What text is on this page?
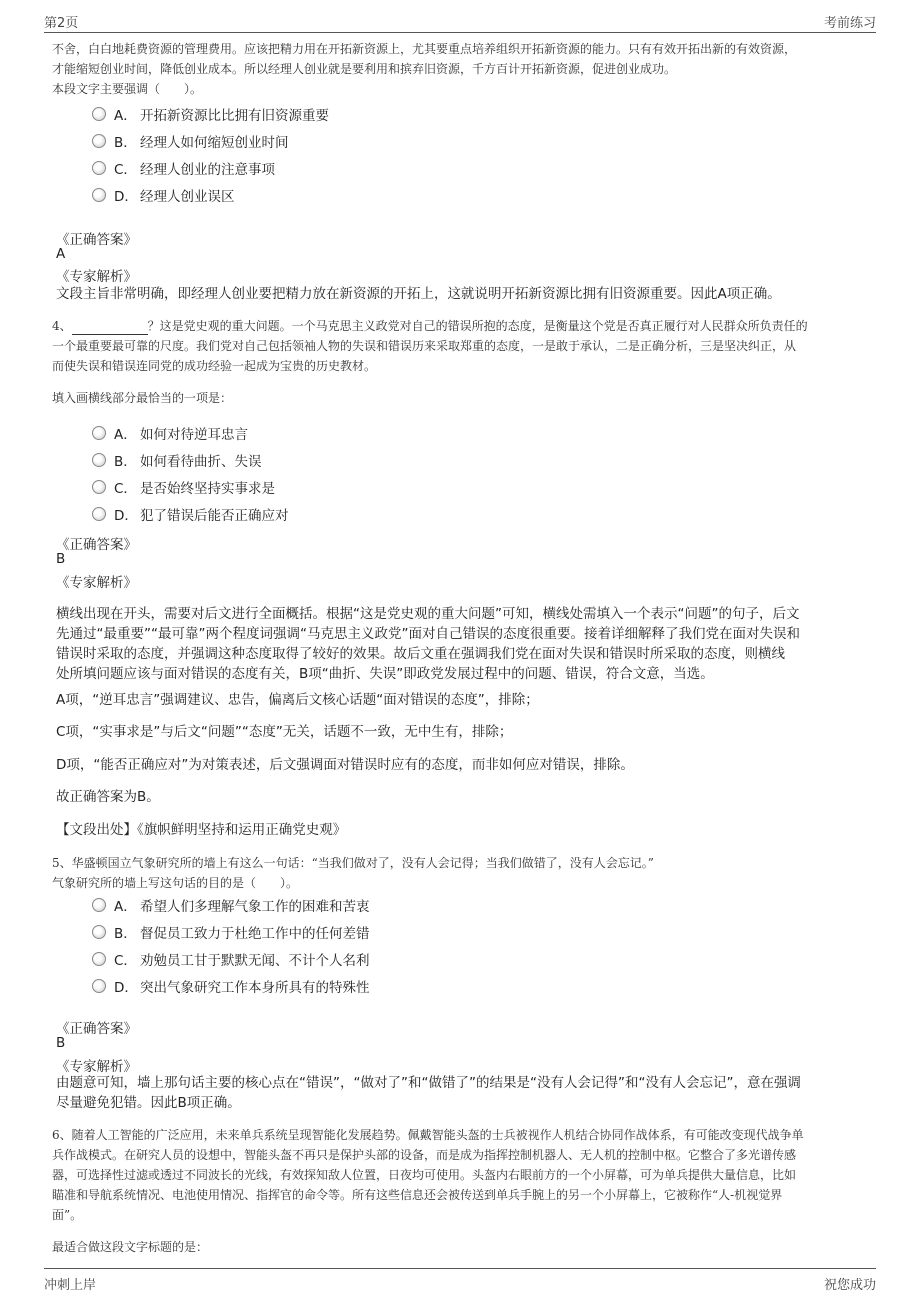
第2页	考前练习
不舍，白白地耗费资源的管理费用。应该把精力用在开拓新资源上，尤其要重点培养组织开拓新资源的能力。只有有效开拓出新的有效资源，
才能缩短创业时间，降低创业成本。所以经理人创业就是要利用和摈弃旧资源，千方百计开拓新资源，促进创业成功。
本段文字主要强调（　　）。
A． 开拓新资源比比拥有旧资源重要
B． 经理人如何缩短创业时间
C． 经理人创业的注意事项
D． 经理人创业误区
《正确答案》
A
《专家解析》
文段主旨非常明确，即经理人创业要把精力放在新资源的开拓上，这就说明开拓新资源比拥有旧资源重要。因此A项正确。
4、	？这是党史观的重大问题。一个马克思主义政党对自己的错误所抱的态度，是衡量这个党是否真正履行对人民群众所负责任的
一个最重要最可靠的尺度。我们党对自己包括领袖人物的失误和错误历来采取郑重的态度，一是敢于承认，二是正确分析，三是坚决纠正，从
而使失误和错误连同党的成功经验一起成为宝贵的历史教材。
填入画横线部分最恰当的一项是：
A． 如何对待逆耳忠言
B． 如何看待曲折、失误
C． 是否始终坚持实事求是
D． 犯了错误后能否正确应对
《正确答案》
B
《专家解析》
横线出现在开头，需要对后文进行全面概括。根据“这是党史观的重大问题”可知，横线处需填入一个表示“问题”的句子，后文
先通过“最重要”“最可靠”两个程度词强调“马克思主义政党”面对自己错误的态度很重要。接着详细解释了我们党在面对失误和
错误时采取的态度，并强调这种态度取得了较好的效果。故后文重在强调我们党在面对失误和错误时所采取的态度，则横线
处所填问题应该与面对错误的态度有关，B项“曲折、失误”即政党发展过程中的问题、错误，符合文意，当选。
A项，“逆耳忠言”强调建议、忠告，偏离后文核心话题“面对错误的态度”，排除；
C项，“实事求是”与后文“问题”“态度”无关，话题不一致，无中生有，排除；
D项，“能否正确应对”为对策表述，后文强调面对错误时应有的态度，而非如何应对错误，排除。
故正确答案为B。
【文段出处】《旗帜鲜明坚持和运用正确党史观》
5、华盛顿国立气象研究所的墙上有这么一句话：“当我们做对了，没有人会记得；当我们做错了，没有人会忘记。”
气象研究所的墙上写这句话的目的是（　　）。
A． 希望人们多理解气象工作的困难和苦衷
B． 督促员工致力于杜绝工作中的任何差错
C． 劝勉员工甘于默默无闻、不计个人名利
D． 突出气象研究工作本身所具有的特殊性
《正确答案》
B
《专家解析》
由题意可知，墙上那句话主要的核心点在“错误”，“做对了”和“做错了”的结果是“没有人会记得”和“没有人会忘记”，意在强调
尽量避免犯错。因此B项正确。
6、随着人工智能的广泛应用，未来单兵系统呈现智能化发展趋势。佩戴智能头盔的士兵被视作人机结合协同作战体系，有可能改变现代战争单
兵作战模式。在研究人员的设想中，智能头盔不再只是保护头部的设备，而是成为指挥控制机器人、无人机的控制中枢。它整合了多光谱传感
器，可选择性过滤或透过不同波长的光线，有效探知敌人位置，日夜均可使用。头盔内右眼前方的一个小屏幕，可为单兵提供大量信息，比如
瞄准和导航系统情况、电池使用情况、指挥官的命令等。所有这些信息还会被传送到单兵手腕上的另一个小屏幕上，它被称作“人-机视觉界
面”。
最适合做这段文字标题的是：
冲刺上岸	祝您成功
